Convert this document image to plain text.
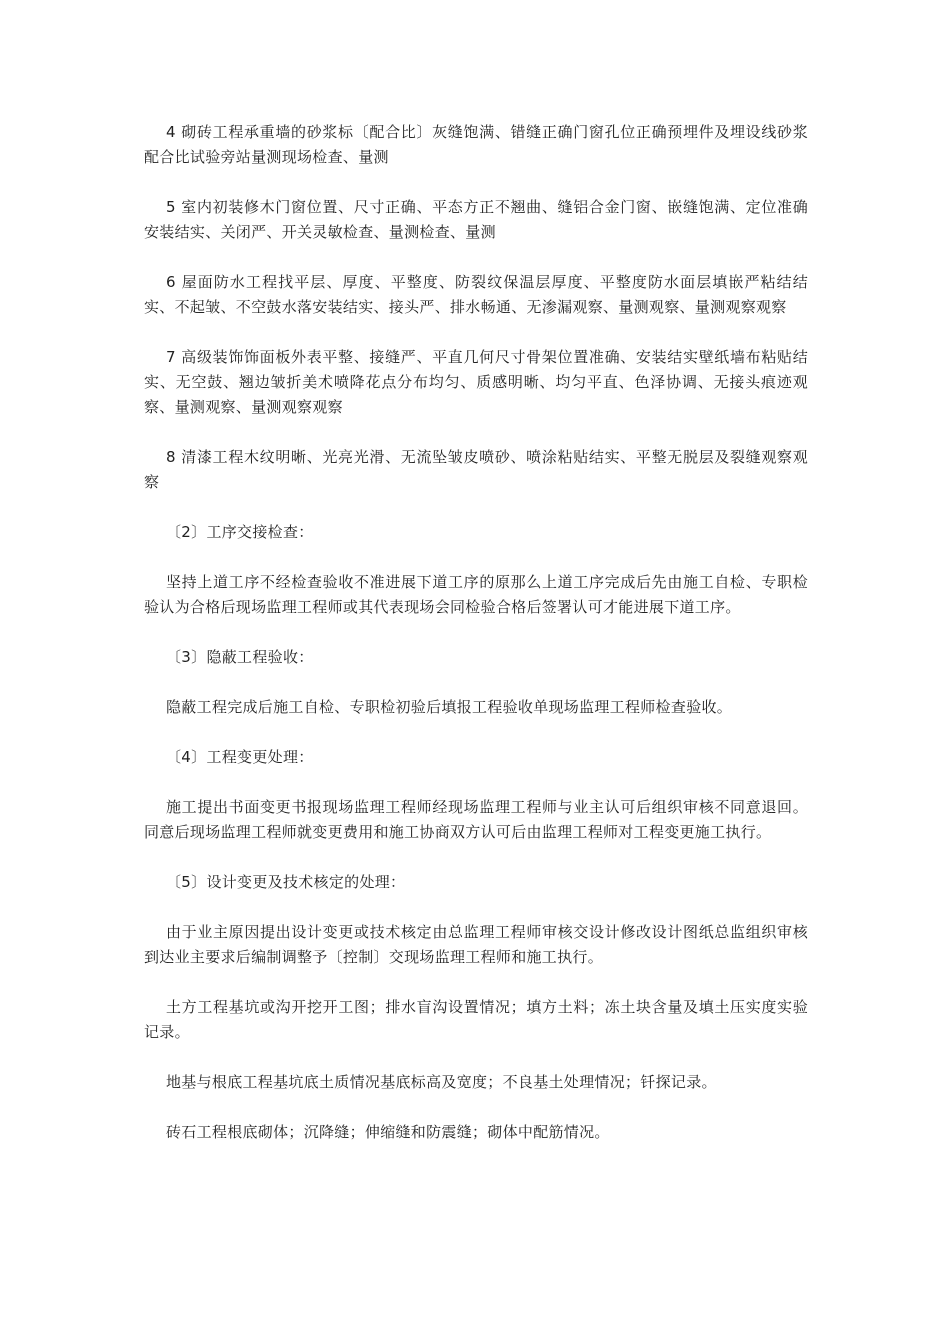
4 砌砖工程承重墙的砂浆标〔配合比〕灰缝饱满、错缝正确门窗孔位正确预埋件及埋设线砂浆配合比试验旁站量测现场检查、量测

5 室内初装修木门窗位置、尺寸正确、平态方正不翘曲、缝铝合金门窗、嵌缝饱满、定位准确安装结实、关闭严、开关灵敏检查、量测检查、量测

6 屋面防水工程找平层、厚度、平整度、防裂纹保温层厚度、平整度防水面层填嵌严粘结结实、不起皱、不空鼓水落安装结实、接头严、排水畅通、无渗漏观察、量测观察、量测观察观察

7 高级装饰饰面板外表平整、接缝严、平直几何尺寸骨架位置准确、安装结实壁纸墙布粘贴结实、无空鼓、翘边皱折美术喷降花点分布均匀、质感明晰、均匀平直、色泽协调、无接头痕迹观察、量测观察、量测观察观察

8 清漆工程木纹明晰、光亮光滑、无流坠皱皮喷砂、喷涂粘贴结实、平整无脱层及裂缝观察观察

〔2〕工序交接检查：

坚持上道工序不经检查验收不准进展下道工序的原那么上道工序完成后先由施工自检、专职检验认为合格后现场监理工程师或其代表现场会同检验合格后签署认可才能进展下道工序。

〔3〕隐蔽工程验收：

隐蔽工程完成后施工自检、专职检初验后填报工程验收单现场监理工程师检查验收。

〔4〕工程变更处理：

施工提出书面变更书报现场监理工程师经现场监理工程师与业主认可后组织审核不同意退回。同意后现场监理工程师就变更费用和施工协商双方认可后由监理工程师对工程变更施工执行。

〔5〕设计变更及技术核定的处理：

由于业主原因提出设计变更或技术核定由总监理工程师审核交设计修改设计图纸总监组织审核到达业主要求后编制调整予〔控制〕交现场监理工程师和施工执行。

土方工程基坑或沟开挖开工图；排水盲沟设置情况；填方土料；冻土块含量及填土压实度实验记录。

地基与根底工程基坑底土质情况基底标高及宽度；不良基土处理情况；钎探记录。

砖石工程根底砌体；沉降缝；伸缩缝和防震缝；砌体中配筋情况。
